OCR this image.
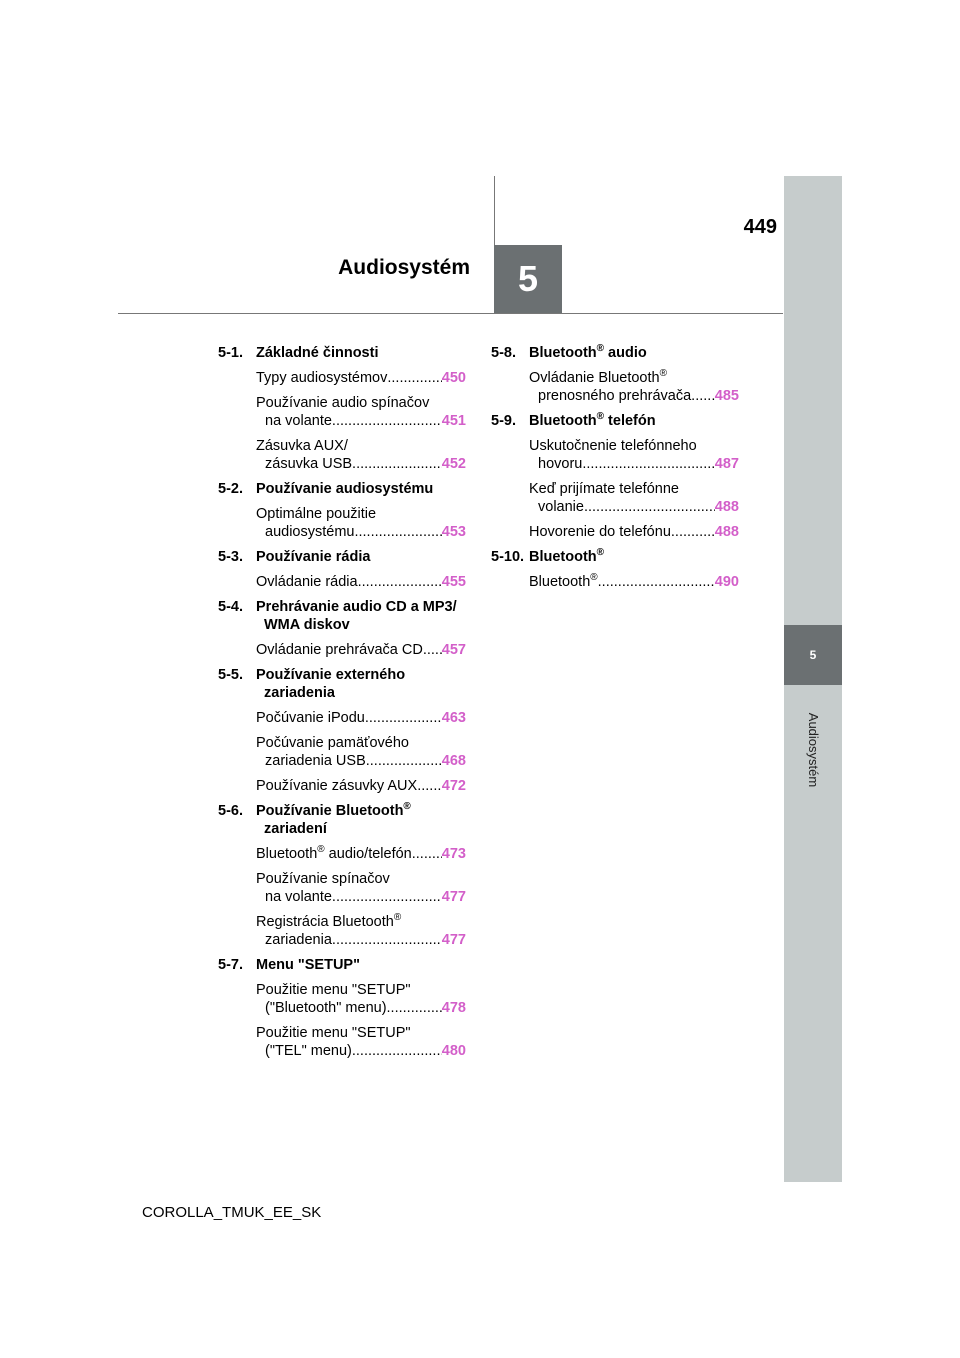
5
Audiosystém
5
Audiosystém
449
5-1. Základné činnosti
Typy audiosystémov .....	450
Používanie audio spínačov
na volante .....	451
Zásuvka AUX/
zásuvka USB .....	452
5-2. Používanie audiosystému
Optimálne použitie
audiosystému .....	453
5-3. Používanie rádia
Ovládanie rádia .....	455
5-4. Prehrávanie audio CD a MP3/
WMA diskov
Ovládanie prehrávača CD ..... 457
5-5. Používanie externého
zariadenia
Počúvanie iPodu .....	463
Počúvanie pamäťového
zariadenia USB .....	468
Používanie zásuvky AUX ..... 472
5-6. Používanie Bluetooth®
zariadení
Bluetooth® audio/telefón ..... 473
Používanie spínačov
na volante .....	477
Registrácia Bluetooth®
zariadenia .....	477
5-7. Menu "SETUP"
Použitie menu "SETUP"
("Bluetooth" menu) .....	478
Použitie menu "SETUP"
("TEL" menu) .....	480
5-8. Bluetooth® audio
Ovládanie Bluetooth®
prenosného prehrávača ..... 485
5-9. Bluetooth® telefón
Uskutočnenie telefónneho
hovoru .....	487
Keď prijímate telefónne
volanie .....	488
Hovorenie do telefónu .....	488
5-10. Bluetooth®
Bluetooth® .....	490
COROLLA_TMUK_EE_SK
